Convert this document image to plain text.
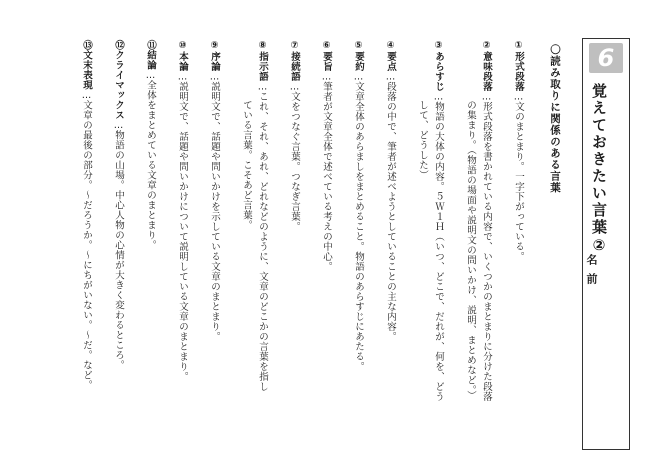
6
覚えておきたい言葉②
名前
〇読み取りに関係のある言葉
①形式段落…文のまとまり。一字下がっている。
②意味段落…形式段落を書かれている内容で、いくつかのまとまりに分けた段落
の集まり。（物語の場面や説明文の問いかけ、説明、まとめなど。）
③あらすじ…物語の大体の内容。５Ｗ１Ｈ（いつ、どこで、だれが、何を、どう
して、どうした）
④要点…段落の中で、筆者が述べようとしていることの主な内容。
⑤要約…文章全体のあらましをまとめること。物語のあらすじにあたる。
⑥要旨…筆者が文章全体で述べている考えの中心。
⑦接続語…文をつなぐ言葉。つなぎ言葉。
⑧指示語…これ、それ、あれ、どれなどのように、文章のどこかの言葉を指し
ている言葉。こそあど言葉。
⑨序論…説明文で、話題や問いかけを示している文章のまとまり。
⑩本論…説明文で、話題や問いかけについて説明している文章のまとまり。
⑪結論…全体をまとめている文章のまとまり。
⑫クライマックス…物語の山場。中心人物の心情が大きく変わるところ。
⑬文末表現…文章の最後の部分。～だろうか。～にちがいない。～だ。など。
